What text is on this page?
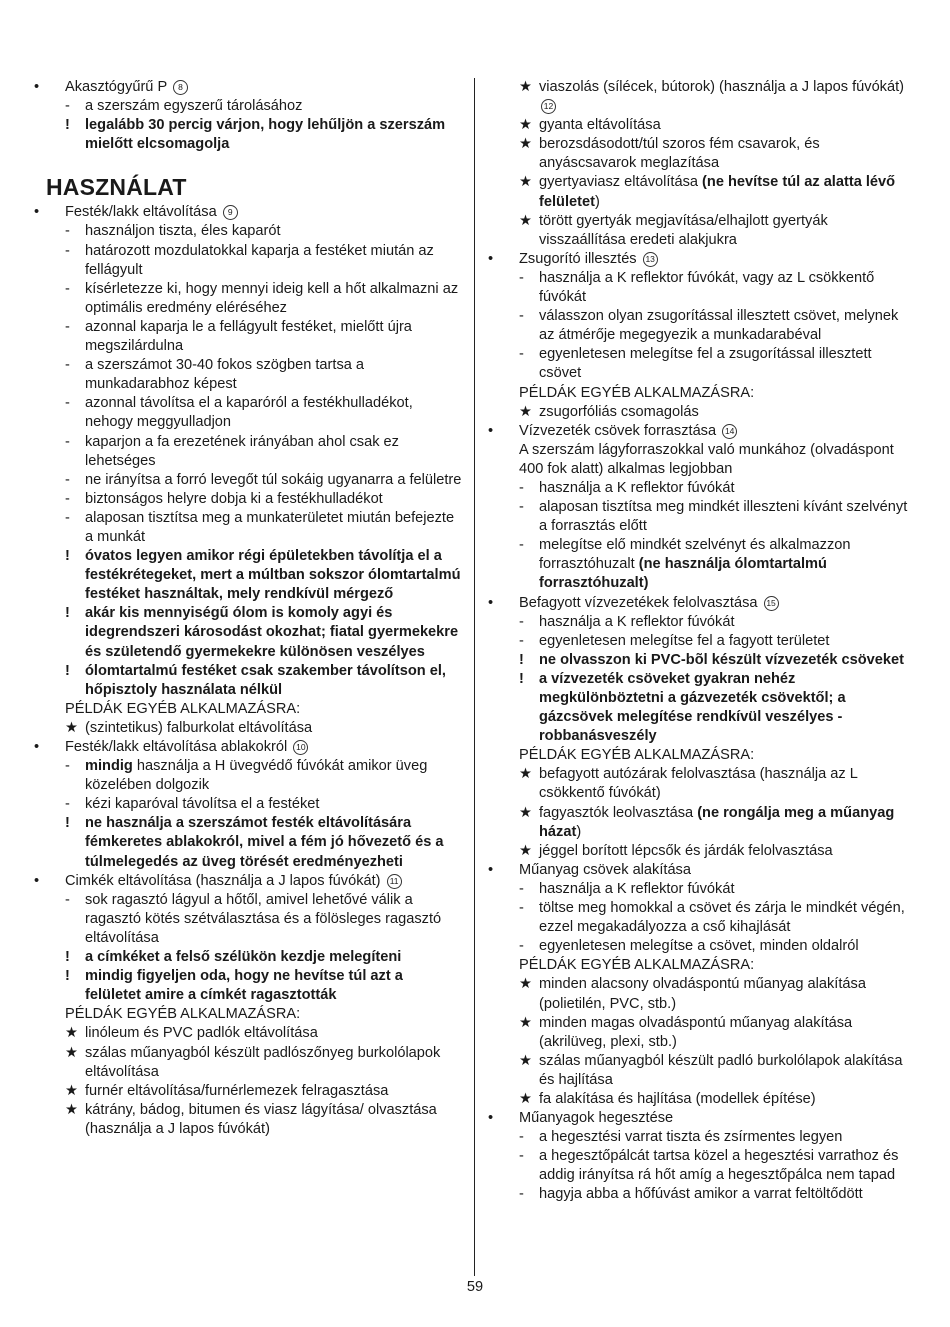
•	Akasztógyűrű P 8
-	a szerszám egyszerű tárolásához
!	legalább 30 percig várjon, hogy lehűljön a szerszám mielőtt elcsomagolja
HASZNÁLAT
•	Festék/lakk eltávolítása 9
-	használjon tiszta, éles kaparót
-	határozott mozdulatokkal kaparja a festéket miután az fellágyult
-	kísérletezze ki, hogy mennyi ideig kell a hőt alkalmazni az optimális eredmény eléréséhez
-	azonnal kaparja le a fellágyult festéket, mielőtt újra megszilárdulna
-	a szerszámot 30-40 fokos szögben tartsa a munkadarabhoz képest
-	azonnal távolítsa el a kaparóról a festékhulladékot, nehogy meggyulladjon
-	kaparjon a fa erezetének irányában ahol csak ez lehetséges
-	ne irányítsa a forró levegőt túl sokáig ugyanarra a felületre
-	biztonságos helyre dobja ki a festékhulladékot
-	alaposan tisztítsa meg a munkaterületet miután befejezte a munkát
!	óvatos legyen amikor régi épületekben távolítja el a festékrétegeket, mert a múltban sokszor ólomtartalmú festéket használtak, mely rendkívül mérgező
!	akár kis mennyiségű ólom is komoly agyi és idegrendszeri károsodást okozhat; fiatal gyermekekre és születendő gyermekekre különösen veszélyes
!	ólomtartalmú festéket csak szakember távolítson el, hőpisztoly használata nélkül
PÉLDÁK EGYÉB ALKALMAZÁSRA:
★ (szintetikus) falburkolat eltávolítása
•	Festék/lakk eltávolítása ablakokról 10
-	mindig használja a H üvegvédő fúvókát amikor üveg közelében dolgozik
-	kézi kaparóval távolítsa el a festéket
!	ne használja a szerszámot festék eltávolítására fémkeretes ablakokról, mivel a fém jó hővezető és a túlmelegedés az üveg törését eredményezheti
•	Cimkék eltávolítása (használja a J lapos fúvókát) 11
-	sok ragasztó lágyul a hőtől, amivel lehetővé válik a ragasztó kötés szétválasztása és a fölösleges ragasztó eltávolítása
!	a címkéket a felső szélükön kezdje melegíteni
!	mindig figyeljen oda, hogy ne hevítse túl azt a felületet amire a címkét ragasztották
PÉLDÁK EGYÉB ALKALMAZÁSRA:
★ linóleum és PVC padlók eltávolítása
★ szálas műanyagból készült padlószőnyeg burkolólapok eltávolítása
★ furnér eltávolítása/furnérlemezek felragasztása
★ kátrány, bádog, bitumen és viasz lágyítása/ olvasztása (használja a J lapos fúvókát)
★ viaszolás (sílécek, bútorok) (használja a J lapos fúvókát) 12
★ gyanta eltávolítása
★ berozsdásodott/túl szoros fém csavarok, és anyáscsavarok meglazítása
★ gyertyaviasz eltávolítása (ne hevítse túl az alatta lévő felületet)
★ törött gyertyák megjavítása/elhajlott gyertyák visszaállítása eredeti alakjukra
•	Zsugorító illesztés 13
-	használja a K reflektor fúvókát, vagy az L csökkentő fúvókát
-	válasszon olyan zsugorítással illesztett csövet, melynek az átmérője megegyezik a munkadarabéval
-	egyenletesen melegítse fel a zsugorítással illesztett csövet
PÉLDÁK EGYÉB ALKALMAZÁSRA:
★ zsugorfóliás csomagolás
•	Vízvezeték csövek forrasztása 14
A szerszám lágyforraszokkal való munkához (olvadáspont 400 fok alatt) alkalmas legjobban
-	használja a K reflektor fúvókát
-	alaposan tisztítsa meg mindkét illeszteni kívánt szelvényt a forrasztás előtt
-	melegítse elő mindkét szelvényt és alkalmazzon forrasztóhuzalt (ne használja ólomtartalmú forrasztóhuzalt)
•	Befagyott vízvezetékek felolvasztása 15
-	használja a K reflektor fúvókát
-	egyenletesen melegítse fel a fagyott területet
!	ne olvasszon ki PVC-bõl készült vízvezeték csöveket
!	a vízvezeték csöveket gyakran nehéz megkülönböztetni a gázvezeték csövektől; a gázcsövek melegítése rendkívül veszélyes - robbanásveszély
PÉLDÁK EGYÉB ALKALMAZÁSRA:
★ befagyott autózárak felolvasztása (használja az L csökkentő fúvókát)
★ fagyasztók leolvasztása (ne rongálja meg a műanyag házat)
★ jéggel borított lépcsők és járdák felolvasztása
•	Műanyag csövek alakítása
-	használja a K reflektor fúvókát
-	töltse meg homokkal a csövet és zárja le mindkét végén, ezzel megakadályozza a cső kihajlását
-	egyenletesen melegítse a csövet, minden oldalról
PÉLDÁK EGYÉB ALKALMAZÁSRA:
★ minden alacsony olvadáspontú műanyag alakítása (polietilén, PVC, stb.)
★ minden magas olvadáspontú műanyag alakítása (akrilüveg, plexi, stb.)
★ szálas műanyagból készült padló burkolólapok alakítása és hajlítása
★ fa alakítása és hajlítása (modellek építése)
•	Műanyagok hegesztése
-	a hegesztési varrat tiszta és zsírmentes legyen
-	a hegesztőpálcát tartsa közel a hegesztési varrathoz és addig irányítsa rá hőt amíg a hegesztőpálca nem tapad
-	hagyja abba a hőfúvást amikor a varrat feltöltődött
59
